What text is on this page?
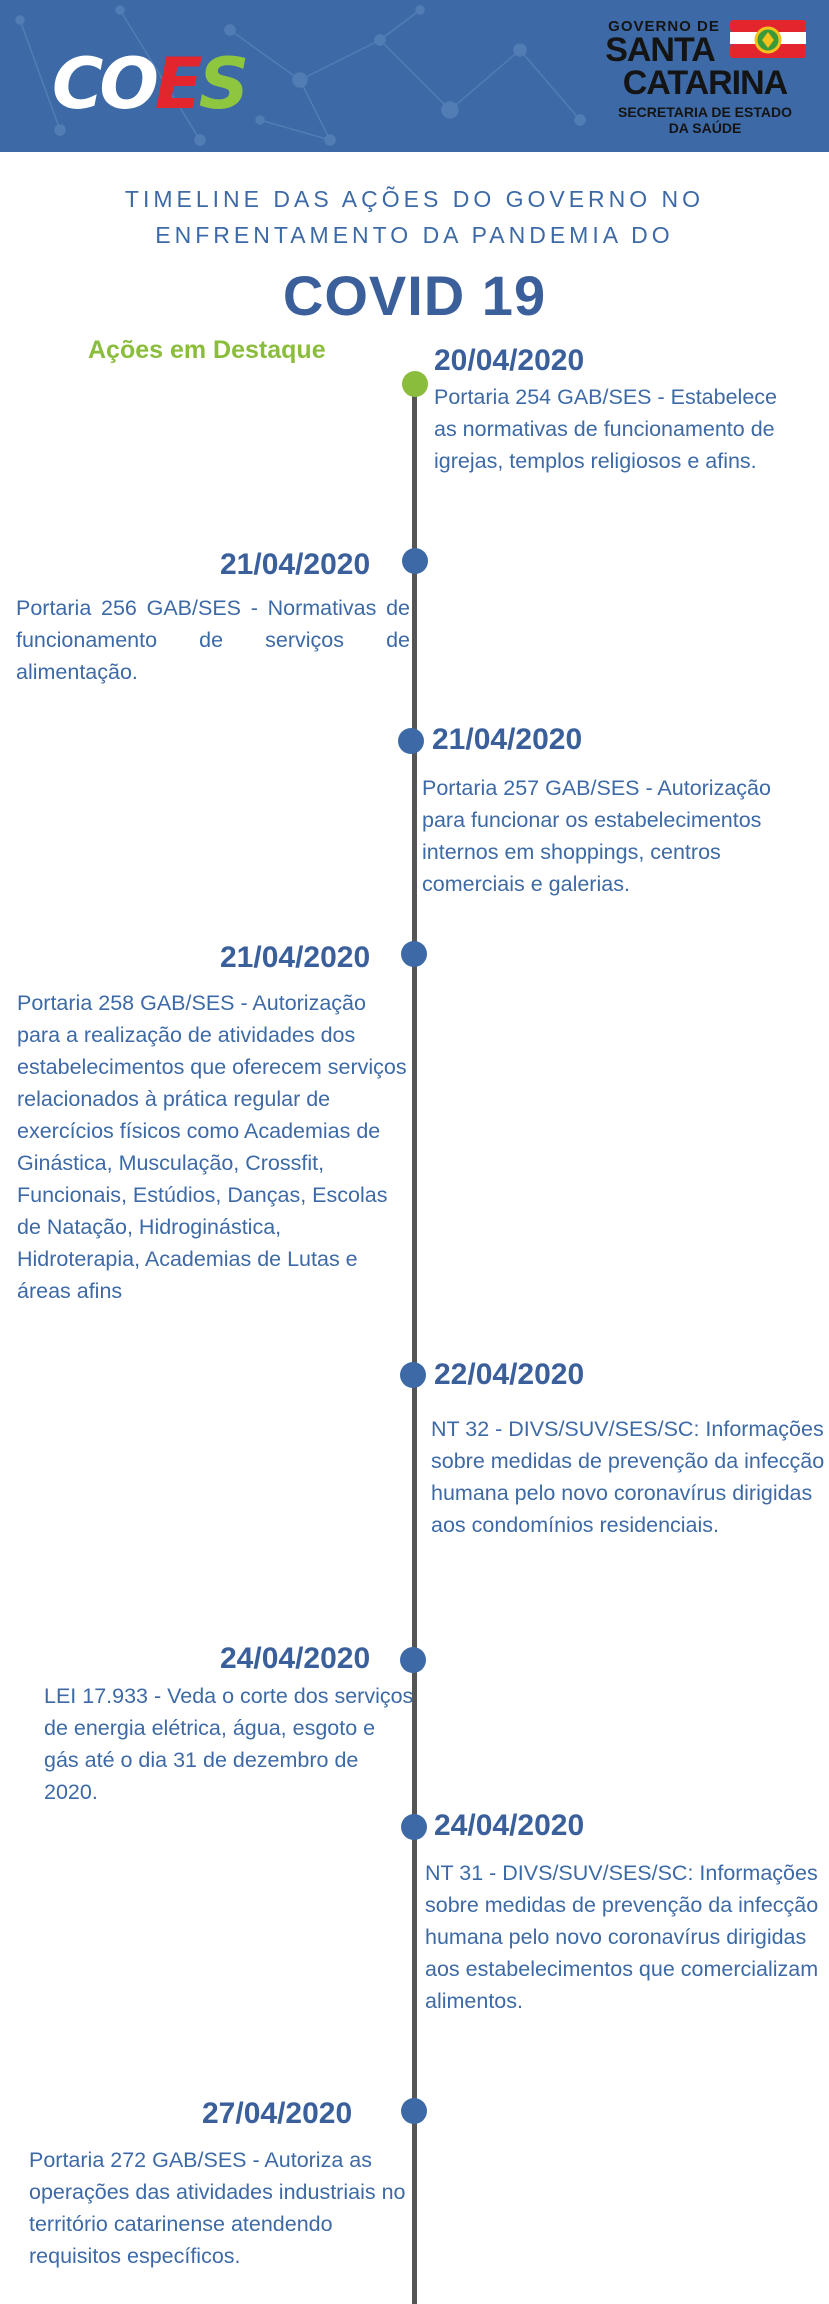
COES
GOVERNO DE
SANTA
CATARINA
SECRETARIA DE ESTADO
DA SAÚDE
TIMELINE DAS AÇÕES DO GOVERNO NO
ENFRENTAMENTO DA PANDEMIA DO
COVID 19
Ações em Destaque	20/04/2020
Portaria 254 GAB/SES - Estabelece as normativas de funcionamento de igrejas, templos religiosos e afins.
21/04/2020
Portaria 256 GAB/SES - Normativas de funcionamento de serviços de alimentação.
21/04/2020
Portaria 257 GAB/SES - Autorização para funcionar os estabelecimentos internos em shoppings, centros comerciais e galerias.
21/04/2020
Portaria 258 GAB/SES - Autorização para a realização de atividades dos estabelecimentos que oferecem serviços relacionados à prática regular de exercícios físicos como Academias de Ginástica, Musculação, Crossfit, Funcionais, Estúdios, Danças, Escolas de Natação, Hidroginástica, Hidroterapia, Academias de Lutas e áreas afins
22/04/2020
NT 32 - DIVS/SUV/SES/SC: Informações sobre medidas de prevenção da infecção humana pelo novo coronavírus dirigidas aos condomínios residenciais.
24/04/2020
LEI 17.933 - Veda o corte dos serviços de energia elétrica, água, esgoto e gás até o dia 31 de dezembro de 2020.
24/04/2020
NT 31 - DIVS/SUV/SES/SC: Informações sobre medidas de prevenção da infecção humana pelo novo coronavírus dirigidas aos estabelecimentos que comercializam alimentos.
27/04/2020
Portaria 272 GAB/SES - Autoriza as operações das atividades industriais no território catarinense atendendo requisitos específicos.
